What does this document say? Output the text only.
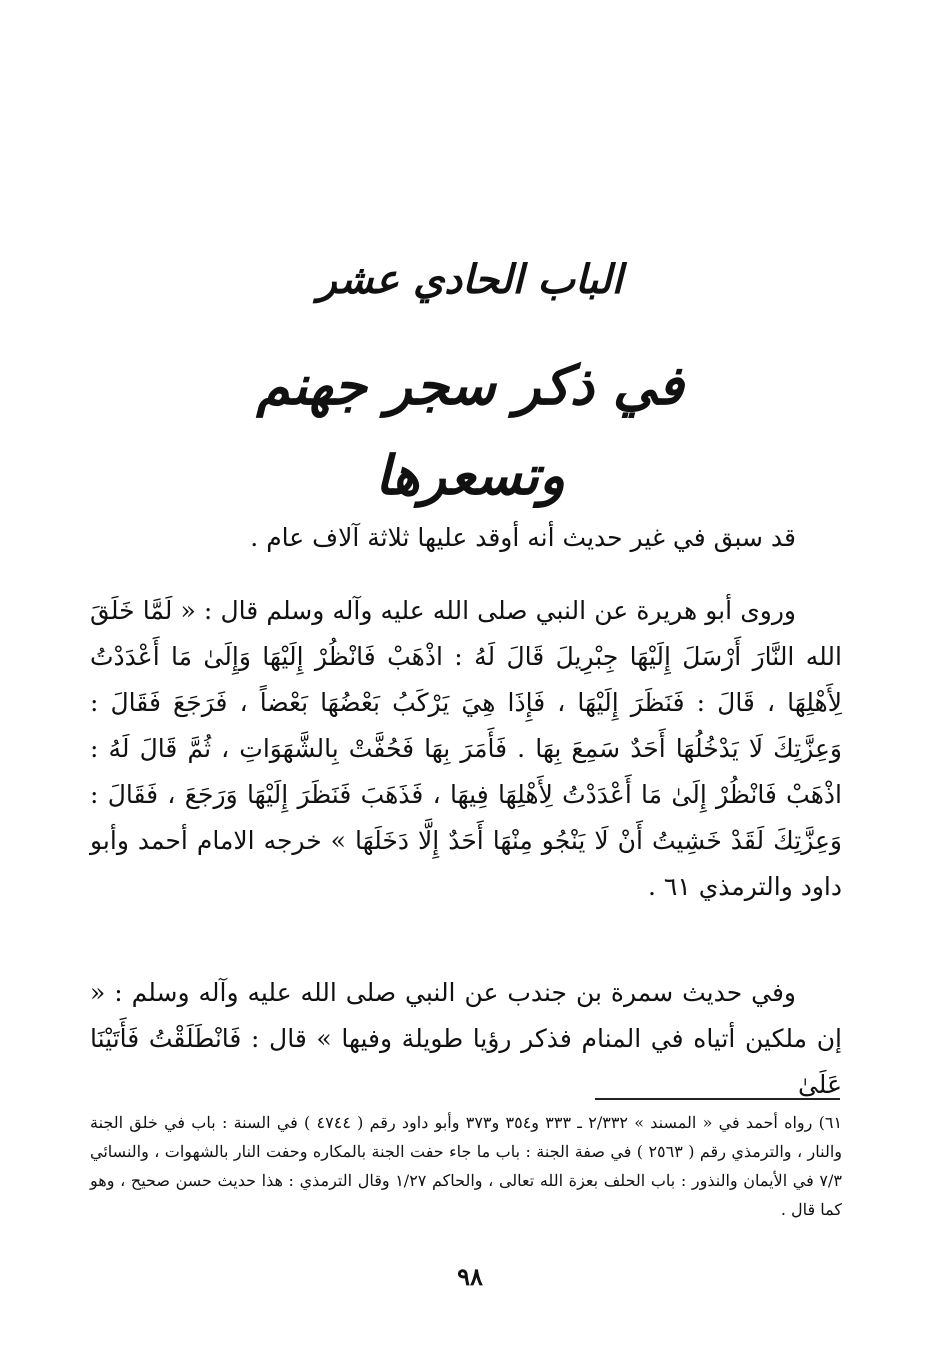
الباب الحادي عشر
في ذكر سجر جهنم وتسعرها

قد سبق في غير حديث أنه أوقد عليها ثلاثة آلاف عام .

وروى أبو هريرة عن النبي صلى الله عليه وآله وسلم قال : « لَمَّا خَلَقَ الله النَّارَ أَرْسَلَ إِلَيْهَا جِبْرِيلَ قَالَ لَهُ : اذْهَبْ فَانْظُرْ إِلَيْهَا وَإِلَىٰ مَا أَعْدَدْتُ لِأَهْلِهَا ، قَالَ : فَنَظَرَ إِلَيْهَا ، فَإِذَا هِيَ يَرْكَبُ بَعْضُهَا بَعْضاً ، فَرَجَعَ فَقَالَ : وَعِزَّتِكَ لَا يَدْخُلُهَا أَحَدٌ سَمِعَ بِهَا . فَأَمَرَ بِهَا فَحُفَّتْ بِالشَّهَوَاتِ ، ثُمَّ قَالَ لَهُ : اذْهَبْ فَانْظُرْ إِلَىٰ مَا أَعْدَدْتُ لِأَهْلِهَا فِيهَا ، فَذَهَبَ فَنَظَرَ إِلَيْهَا وَرَجَعَ ، فَقَالَ : وَعِزَّتِكَ لَقَدْ خَشِيتُ أَنْ لَا يَنْجُو مِنْهَا أَحَدٌ إِلَّا دَخَلَهَا » خرجه الامام أحمد وأبو داود والترمذي ٦١ .

وفي حديث سمرة بن جندب عن النبي صلى الله عليه وآله وسلم : « إن ملكين أتياه في المنام فذكر رؤيا طويلة وفيها » قال : فَانْطَلَقْتُ فَأَتَيْنَا عَلَىٰ

٦١) رواه أحمد في « المسند » ٢/٣٣٢ ـ ٣٣٣ و٣٥٤ و٣٧٣ وأبو داود رقم ( ٤٧٤٤ ) في السنة : باب في خلق الجنة والنار ، والترمذي رقم ( ٢٥٦٣ ) في صفة الجنة : باب ما جاء حفت الجنة بالمكاره وحفت النار بالشهوات ، والنسائي ٧/٣ في الأيمان والنذور : باب الحلف بعزة الله تعالى ، والحاكم ١/٢٧ وقال الترمذي : هذا حديث حسن صحيح ، وهو كما قال .

٩٨
